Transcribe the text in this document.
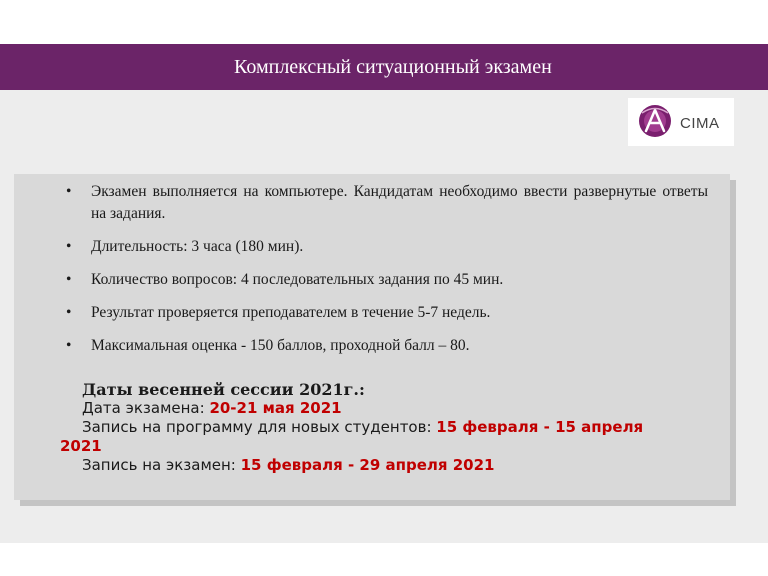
Комплексный ситуационный экзамен
CIMA
• Экзамен выполняется на компьютере. Кандидатам необходимо ввести развернутые ответы на задания.
• Длительность: 3 часа (180 мин).
• Количество вопросов: 4 последовательных задания по 45 мин.
• Результат проверяется преподавателем в течение 5-7 недель.
• Максимальная оценка - 150 баллов, проходной балл – 80.
Даты весенней сессии 2021г.:
Дата экзамена: 20-21 мая 2021
Запись на программу для новых студентов: 15 февраля - 15 апреля
2021
Запись на экзамен: 15 февраля - 29 апреля 2021
